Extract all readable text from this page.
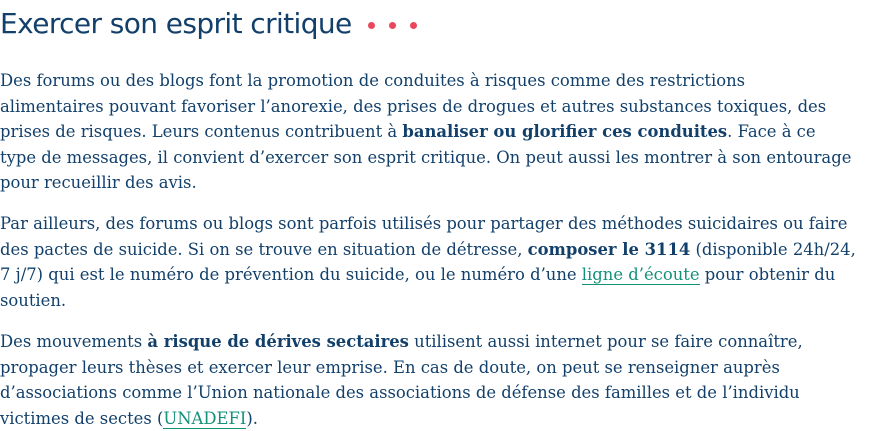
Exercer son esprit critique

Des forums ou des blogs font la promotion de conduites à risques comme des restrictions
alimentaires pouvant favoriser l’anorexie, des prises de drogues et autres substances toxiques, des
prises de risques. Leurs contenus contribuent à banaliser ou glorifier ces conduites. Face à ce
type de messages, il convient d’exercer son esprit critique. On peut aussi les montrer à son entourage
pour recueillir des avis.

Par ailleurs, des forums ou blogs sont parfois utilisés pour partager des méthodes suicidaires ou faire
des pactes de suicide. Si on se trouve en situation de détresse, composer le 3114 (disponible 24h/24,
7 j/7) qui est le numéro de prévention du suicide, ou le numéro d’une ligne d’écoute pour obtenir du
soutien.

Des mouvements à risque de dérives sectaires utilisent aussi internet pour se faire connaître,
propager leurs thèses et exercer leur emprise. En cas de doute, on peut se renseigner auprès
d’associations comme l’Union nationale des associations de défense des familles et de l’individu
victimes de sectes (UNADEFI).
